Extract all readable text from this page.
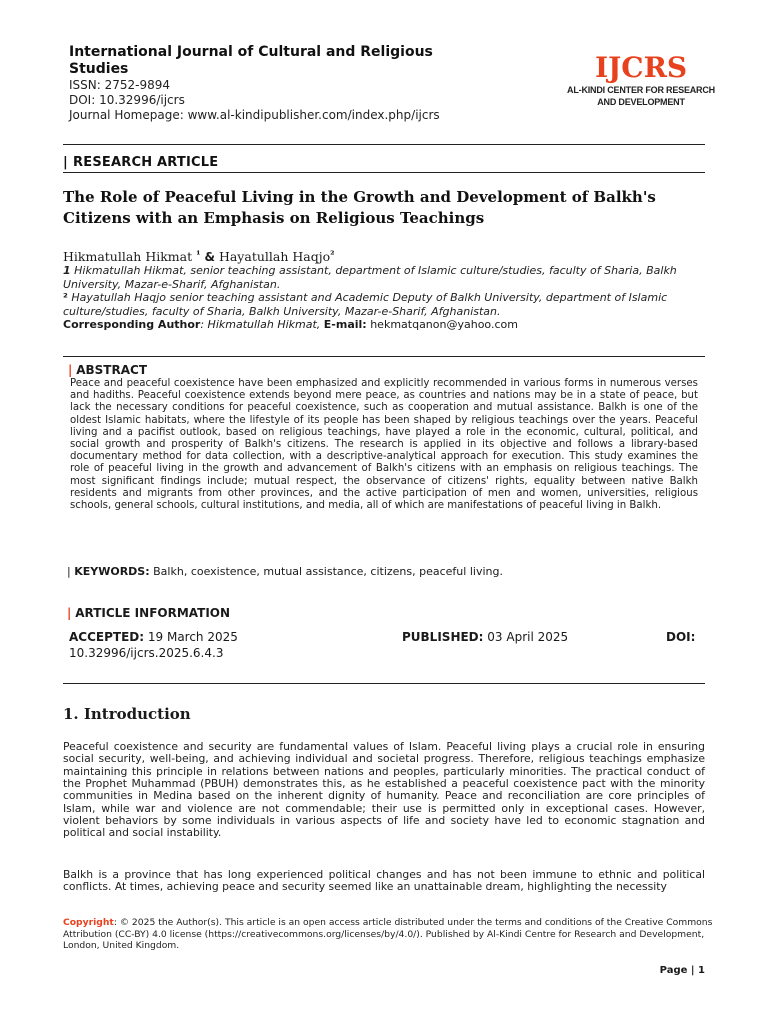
International Journal of Cultural and Religious Studies
ISSN: 2752-9894
DOI: 10.32996/ijcrs
Journal Homepage: www.al-kindipublisher.com/index.php/ijcrs
IJCRS
AL-KINDI CENTER FOR RESEARCH
AND DEVELOPMENT
| RESEARCH ARTICLE
The Role of Peaceful Living in the Growth and Development of Balkh's Citizens with an Emphasis on Religious Teachings
Hikmatullah Hikmat $^{^1}$ & Hayatullah Haqjo$^{^2}$
1 Hikmatullah Hikmat, senior teaching assistant, department of Islamic culture/studies, faculty of Sharia, Balkh University, Mazar-e-Sharif, Afghanistan.
² Hayatullah Haqjo senior teaching assistant and Academic Deputy of Balkh University, department of Islamic culture/studies, faculty of Sharia, Balkh University, Mazar-e-Sharif, Afghanistan.
Corresponding Author: Hikmatullah Hikmat, E-mail: hekmatqanon@yahoo.com
| ABSTRACT
Peace and peaceful coexistence have been emphasized and explicitly recommended in various forms in numerous verses and hadiths. Peaceful coexistence extends beyond mere peace, as countries and nations may be in a state of peace, but lack the necessary conditions for peaceful coexistence, such as cooperation and mutual assistance. Balkh is one of the oldest Islamic habitats, where the lifestyle of its people has been shaped by religious teachings over the years. Peaceful living and a pacifist outlook, based on religious teachings, have played a role in the economic, cultural, political, and social growth and prosperity of Balkh's citizens. The research is applied in its objective and follows a library-based documentary method for data collection, with a descriptive-analytical approach for execution. This study examines the role of peaceful living in the growth and advancement of Balkh's citizens with an emphasis on religious teachings. The most significant findings include; mutual respect, the observance of citizens' rights, equality between native Balkh residents and migrants from other provinces, and the active participation of men and women, universities, religious schools, general schools, cultural institutions, and media, all of which are manifestations of peaceful living in Balkh.
| KEYWORDS: Balkh, coexistence, mutual assistance, citizens, peaceful living.
| ARTICLE INFORMATION
ACCEPTED: 19 March 2025	PUBLISHED: 03 April 2025	DOI:
10.32996/ijcrs.2025.6.4.3
1. Introduction
Peaceful coexistence and security are fundamental values of Islam. Peaceful living plays a crucial role in ensuring social security, well-being, and achieving individual and societal progress. Therefore, religious teachings emphasize maintaining this principle in relations between nations and peoples, particularly minorities. The practical conduct of the Prophet Muhammad (PBUH) demonstrates this, as he established a peaceful coexistence pact with the minority communities in Medina based on the inherent dignity of humanity. Peace and reconciliation are core principles of Islam, while war and violence are not commendable; their use is permitted only in exceptional cases. However, violent behaviors by some individuals in various aspects of life and society have led to economic stagnation and political and social instability.
Balkh is a province that has long experienced political changes and has not been immune to ethnic and political conflicts. At times, achieving peace and security seemed like an unattainable dream, highlighting the necessity
Copyright: © 2025 the Author(s). This article is an open access article distributed under the terms and conditions of the Creative Commons Attribution (CC-BY) 4.0 license (https://creativecommons.org/licenses/by/4.0/). Published by Al-Kindi Centre for Research and Development,
London, United Kingdom.
Page | 1
